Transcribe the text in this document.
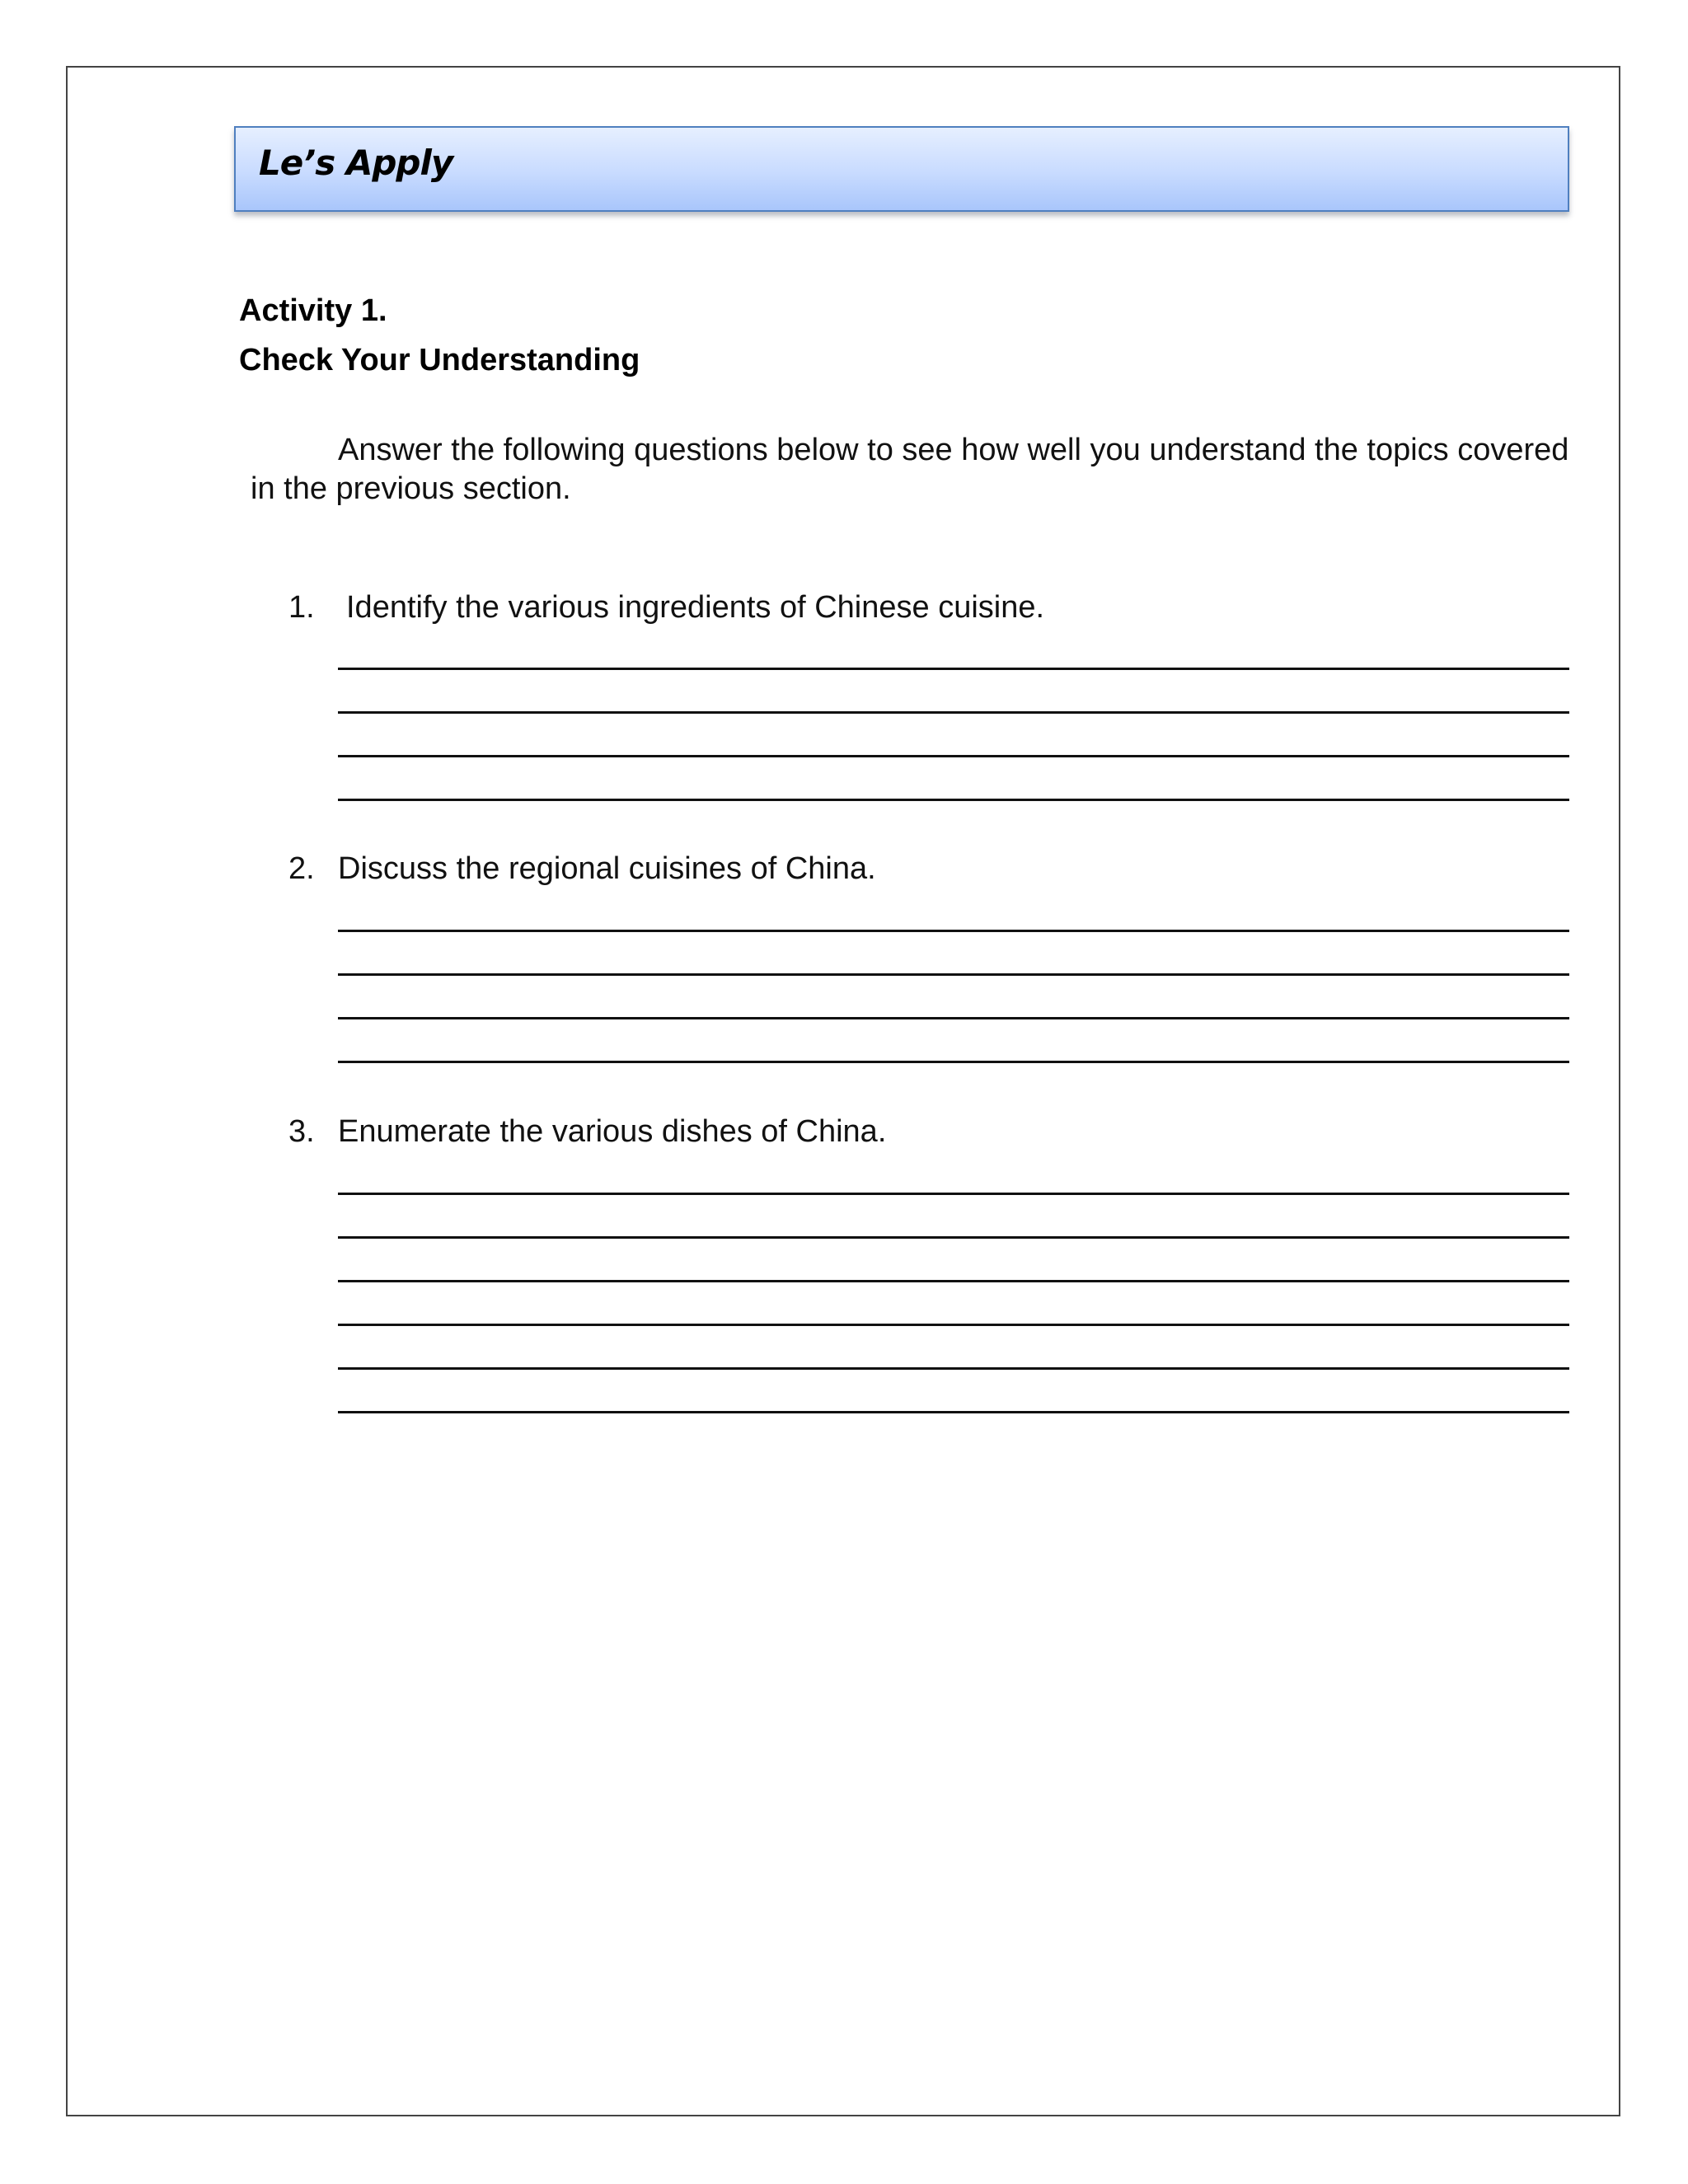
Le’s Apply
Activity 1.
Check Your Understanding
Answer the following questions below to see how well you understand the topics covered in the previous section.
1. Identify the various ingredients of Chinese cuisine.
2. Discuss the regional cuisines of China.
3. Enumerate the various dishes of China.
